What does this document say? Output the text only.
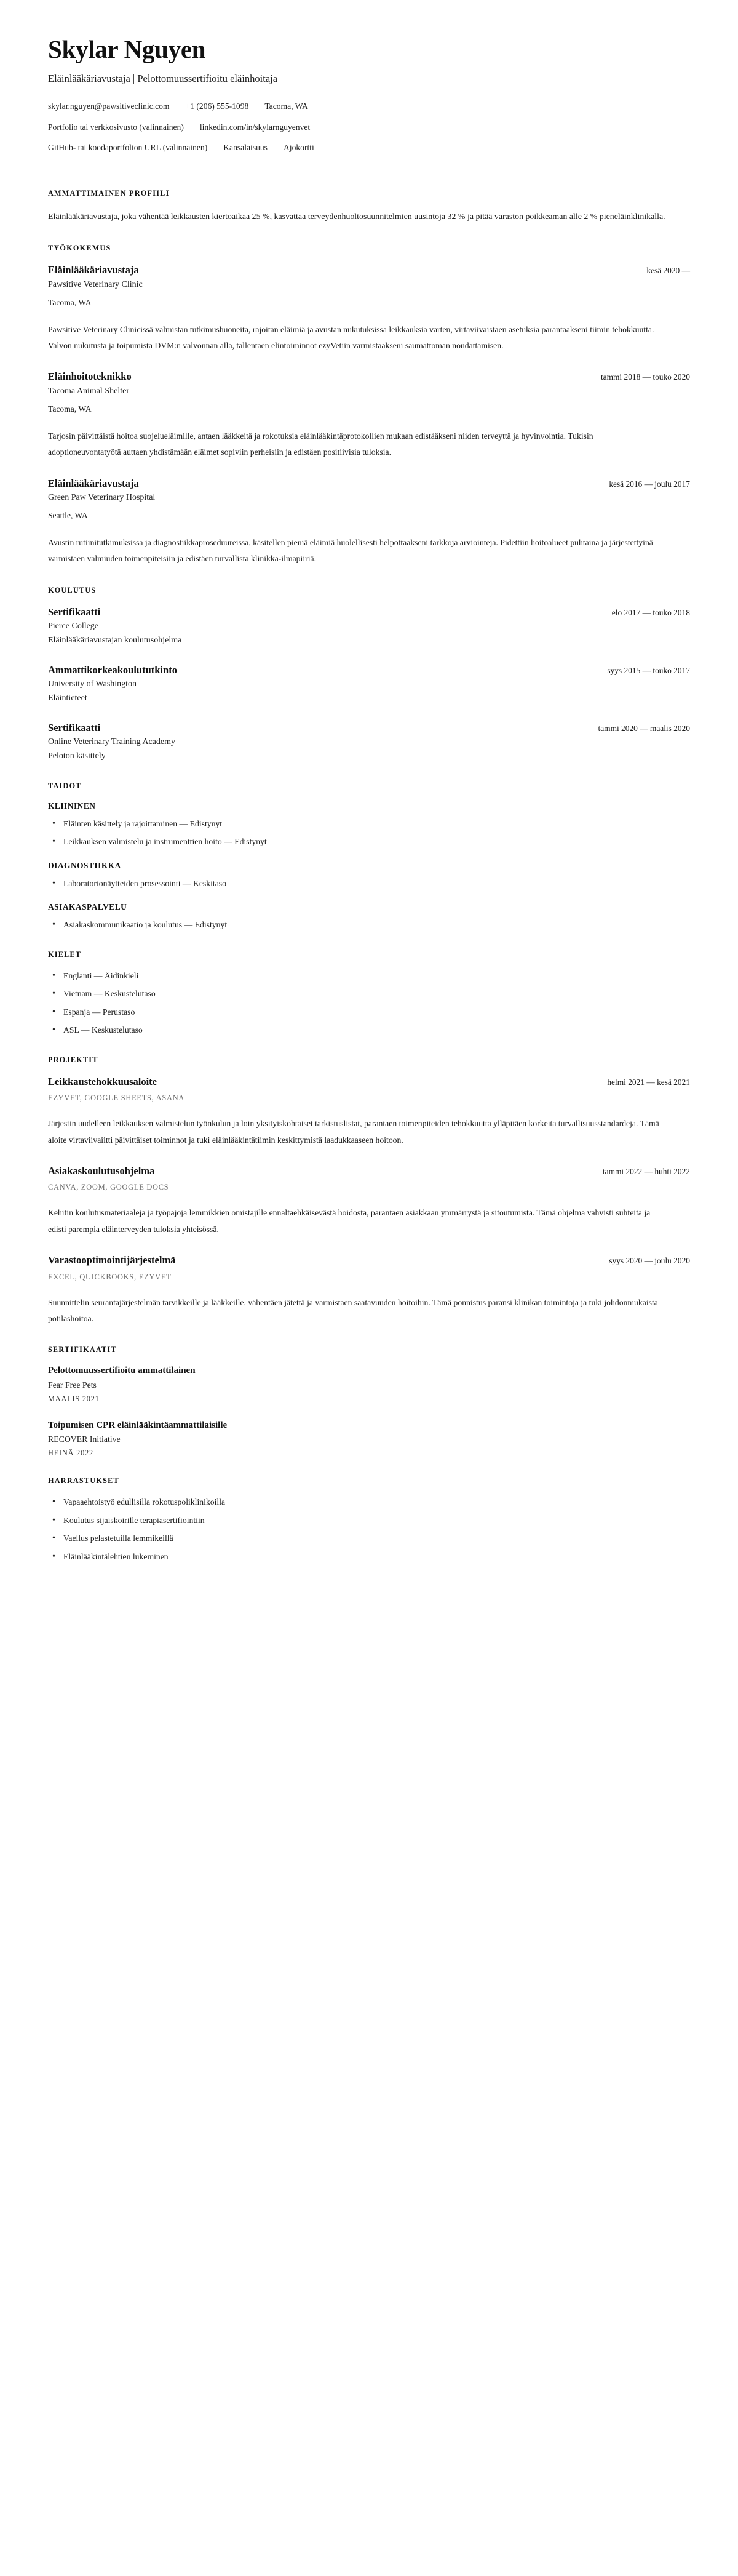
Skylar Nguyen
Eläinlääkäriavustaja | Pelottomuussertifioitu eläinhoitaja
skylar.nguyen@pawsitiveclinic.com +1 (206) 555-1098 Tacoma, WA
Portfolio tai verkkosivusto (valinnainen) linkedin.com/in/skylarnguyenvet
GitHub- tai koodaportfolion URL (valinnainen) Kansalaisuus Ajokortti
AMMATTIMAINEN PROFIILI

Eläinlääkäriavustaja, joka vähentää leikkausten kiertoaikaa 25 %, kasvattaa terveydenhuoltosuunnitelmien uusintoja 32 % ja pitää varaston poikkeaman alle 2 % pieneläinklinikalla.

TYÖKOKEMUS
Eläinlääkäriavustaja	kesä 2020 —
Pawsitive Veterinary Clinic
Tacoma, WA
Pawsitive Veterinary Clinicissä valmistan tutkimushuoneita, rajoitan eläimiä ja avustan nukutuksissa leikkauksia varten, virtaviivaistaen asetuksia parantaakseni tiimin tehokkuutta. Valvon nukutusta ja toipumista DVM:n valvonnan alla, tallentaen elintoiminnot ezyVetiin varmistaakseni saumattoman noudattamisen.
Eläinhoitoteknikko	tammi 2018 — touko 2020
Tacoma Animal Shelter
Tacoma, WA
Tarjosin päivittäistä hoitoa suojelueläimille, antaen lääkkeitä ja rokotuksia eläinlääkintäprotokollien mukaan edistääkseni niiden terveyttä ja hyvinvointia. Tukisin adoptioneuvontatyötä auttaen yhdistämään eläimet sopiviin perheisiin ja edistäen positiivisia tuloksia.
Eläinlääkäriavustaja	kesä 2016 — joulu 2017
Green Paw Veterinary Hospital
Seattle, WA
Avustin rutiinitutkimuksissa ja diagnostiikkaproseduureissa, käsitellen pieniä eläimiä huolellisesti helpottaakseni tarkkoja arviointeja. Pidettiin hoitoalueet puhtaina ja järjestettyinä varmistaen valmiuden toimenpiteisiin ja edistäen turvallista klinikka-ilmapiiriä.
KOULUTUS
Sertifikaatti	elo 2017 — touko 2018
Pierce College
Eläinlääkäriavustajan koulutusohjelma
Ammattikorkeakoulututkinto	syys 2015 — touko 2017
University of Washington
Eläintieteet
Sertifikaatti	tammi 2020 — maalis 2020
Online Veterinary Training Academy
Peloton käsittely
TAIDOT
KLIININEN
• Eläinten käsittely ja rajoittaminen — Edistynyt
• Leikkauksen valmistelu ja instrumenttien hoito — Edistynyt
DIAGNOSTIIKKA
• Laboratorionäytteiden prosessointi — Keskitaso
ASIAKASPALVELU
• Asiakaskommunikaatio ja koulutus — Edistynyt
KIELET
• Englanti — Äidinkieli
• Vietnam — Keskustelutaso
• Espanja — Perustaso
• ASL — Keskustelutaso
PROJEKTIT
Leikkaustehokkuusaloite	helmi 2021 — kesä 2021
EZYVET, GOOGLE SHEETS, ASANA
Järjestin uudelleen leikkauksen valmistelun työnkulun ja loin yksityiskohtaiset tarkistuslistat, parantaen toimenpiteiden tehokkuutta ylläpitäen korkeita turvallisuusstandardeja. Tämä aloite virtaviivaiitti päivittäiset toiminnot ja tuki eläinlääkintätiimin keskittymistä laadukkaaseen hoitoon.
Asiakaskoulutusohjelma	tammi 2022 — huhti 2022
CANVA, ZOOM, GOOGLE DOCS
Kehitin koulutusmateriaaleja ja työpajoja lemmikkien omistajille ennaltaehkäisevästä hoidosta, parantaen asiakkaan ymmärrystä ja sitoutumista. Tämä ohjelma vahvisti suhteita ja edisti parempia eläinterveyden tuloksia yhteisössä.
Varastooptimointijärjestelmä	syys 2020 — joulu 2020
EXCEL, QUICKBOOKS, EZYVET
Suunnittelin seurantajärjestelmän tarvikkeille ja lääkkeille, vähentäen jätettä ja varmistaen saatavuuden hoitoihin. Tämä ponnistus paransi klinikan toimintoja ja tuki johdonmukaista potilashoitoa.
SERTIFIKAATIT
Pelottomuussertifioitu ammattilainen
Fear Free Pets
MAALIS 2021
Toipumisen CPR eläinlääkintäammattilaisille
RECOVER Initiative
HEINÄ 2022
HARRASTUKSET
• Vapaaehtoistyö edullisilla rokotuspoliklinikoilla
• Koulutus sijaiskoirille terapiasertifiointiin
• Vaellus pelastetuilla lemmikeillä
• Eläinlääkintälehtien lukeminen
